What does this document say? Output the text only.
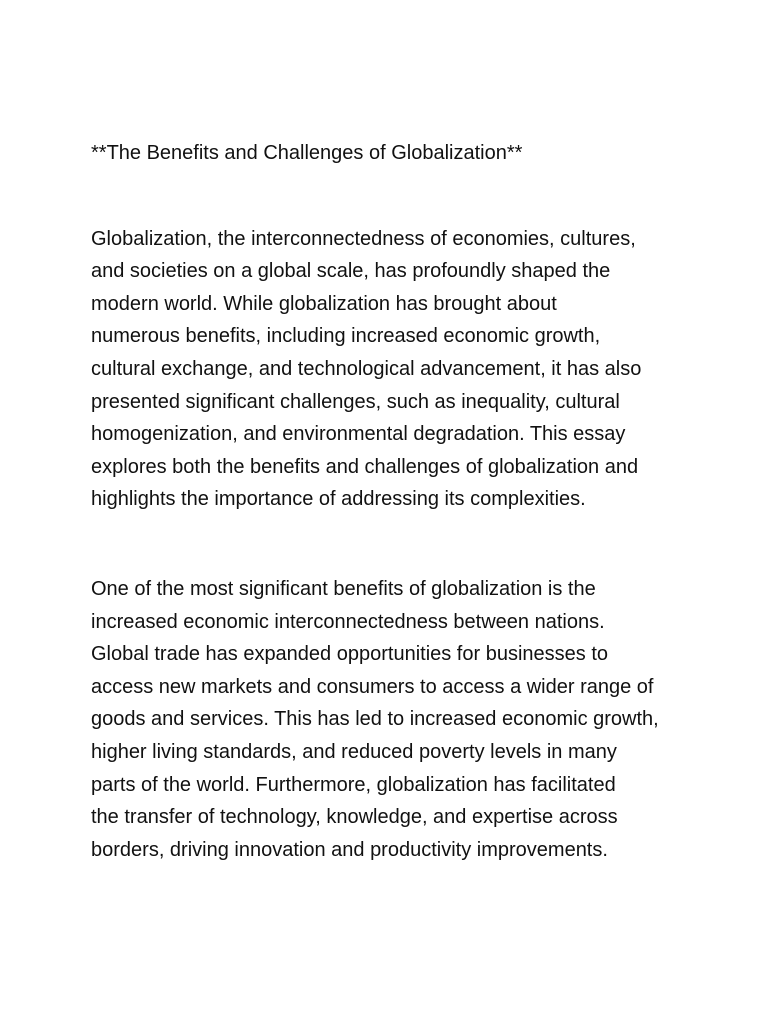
**The Benefits and Challenges of Globalization**
Globalization, the interconnectedness of economies, cultures,
and societies on a global scale, has profoundly shaped the
modern world. While globalization has brought about
numerous benefits, including increased economic growth,
cultural exchange, and technological advancement, it has also
presented significant challenges, such as inequality, cultural
homogenization, and environmental degradation. This essay
explores both the benefits and challenges of globalization and
highlights the importance of addressing its complexities.
One of the most significant benefits of globalization is the
increased economic interconnectedness between nations.
Global trade has expanded opportunities for businesses to
access new markets and consumers to access a wider range of
goods and services. This has led to increased economic growth,
higher living standards, and reduced poverty levels in many
parts of the world. Furthermore, globalization has facilitated
the transfer of technology, knowledge, and expertise across
borders, driving innovation and productivity improvements.
